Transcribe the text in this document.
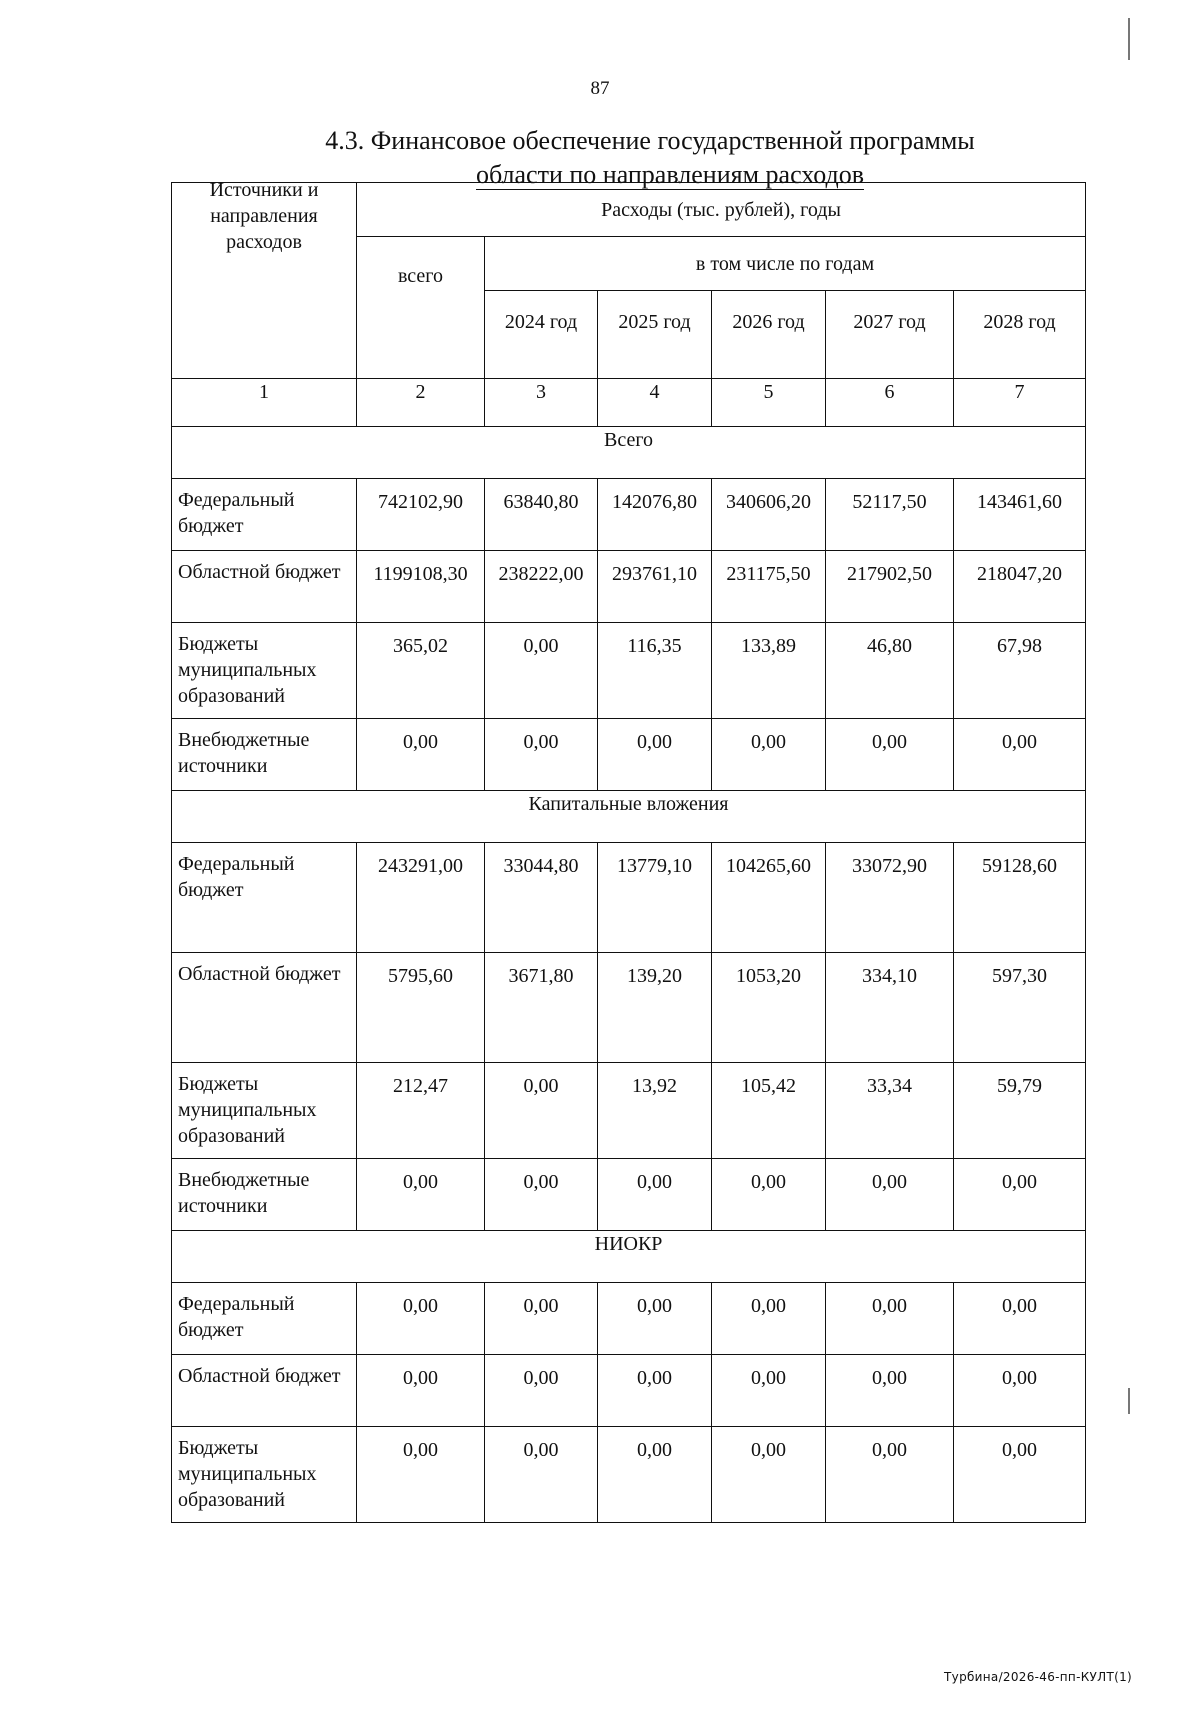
87
4.3. Финансовое обеспечение государственной программы
области по направлениям расходов
Источники и направления расходов	Расходы (тыс. рублей), годы					
	всего	в том числе по годам				
		2024 год	2025 год	2026 год	2027 год	2028 год
1	2	3	4	5	6	7
Всего						
Федеральный бюджет	742102,90	63840,80	142076,80	340606,20	52117,50	143461,60
Областной бюджет	1199108,30	238222,00	293761,10	231175,50	217902,50	218047,20
Бюджеты муниципальных образований	365,02	0,00	116,35	133,89	46,80	67,98
Внебюджетные источники	0,00	0,00	0,00	0,00	0,00	0,00
Капитальные вложения						
Федеральный бюджет	243291,00	33044,80	13779,10	104265,60	33072,90	59128,60
Областной бюджет	5795,60	3671,80	139,20	1053,20	334,10	597,30
Бюджеты муниципальных образований	212,47	0,00	13,92	105,42	33,34	59,79
Внебюджетные источники	0,00	0,00	0,00	0,00	0,00	0,00
НИОКР						
Федеральный бюджет	0,00	0,00	0,00	0,00	0,00	0,00
Областной бюджет	0,00	0,00	0,00	0,00	0,00	0,00
Бюджеты муниципальных образований	0,00	0,00	0,00	0,00	0,00	0,00
Турбина/2026-46-пп-КУЛТ(1)
